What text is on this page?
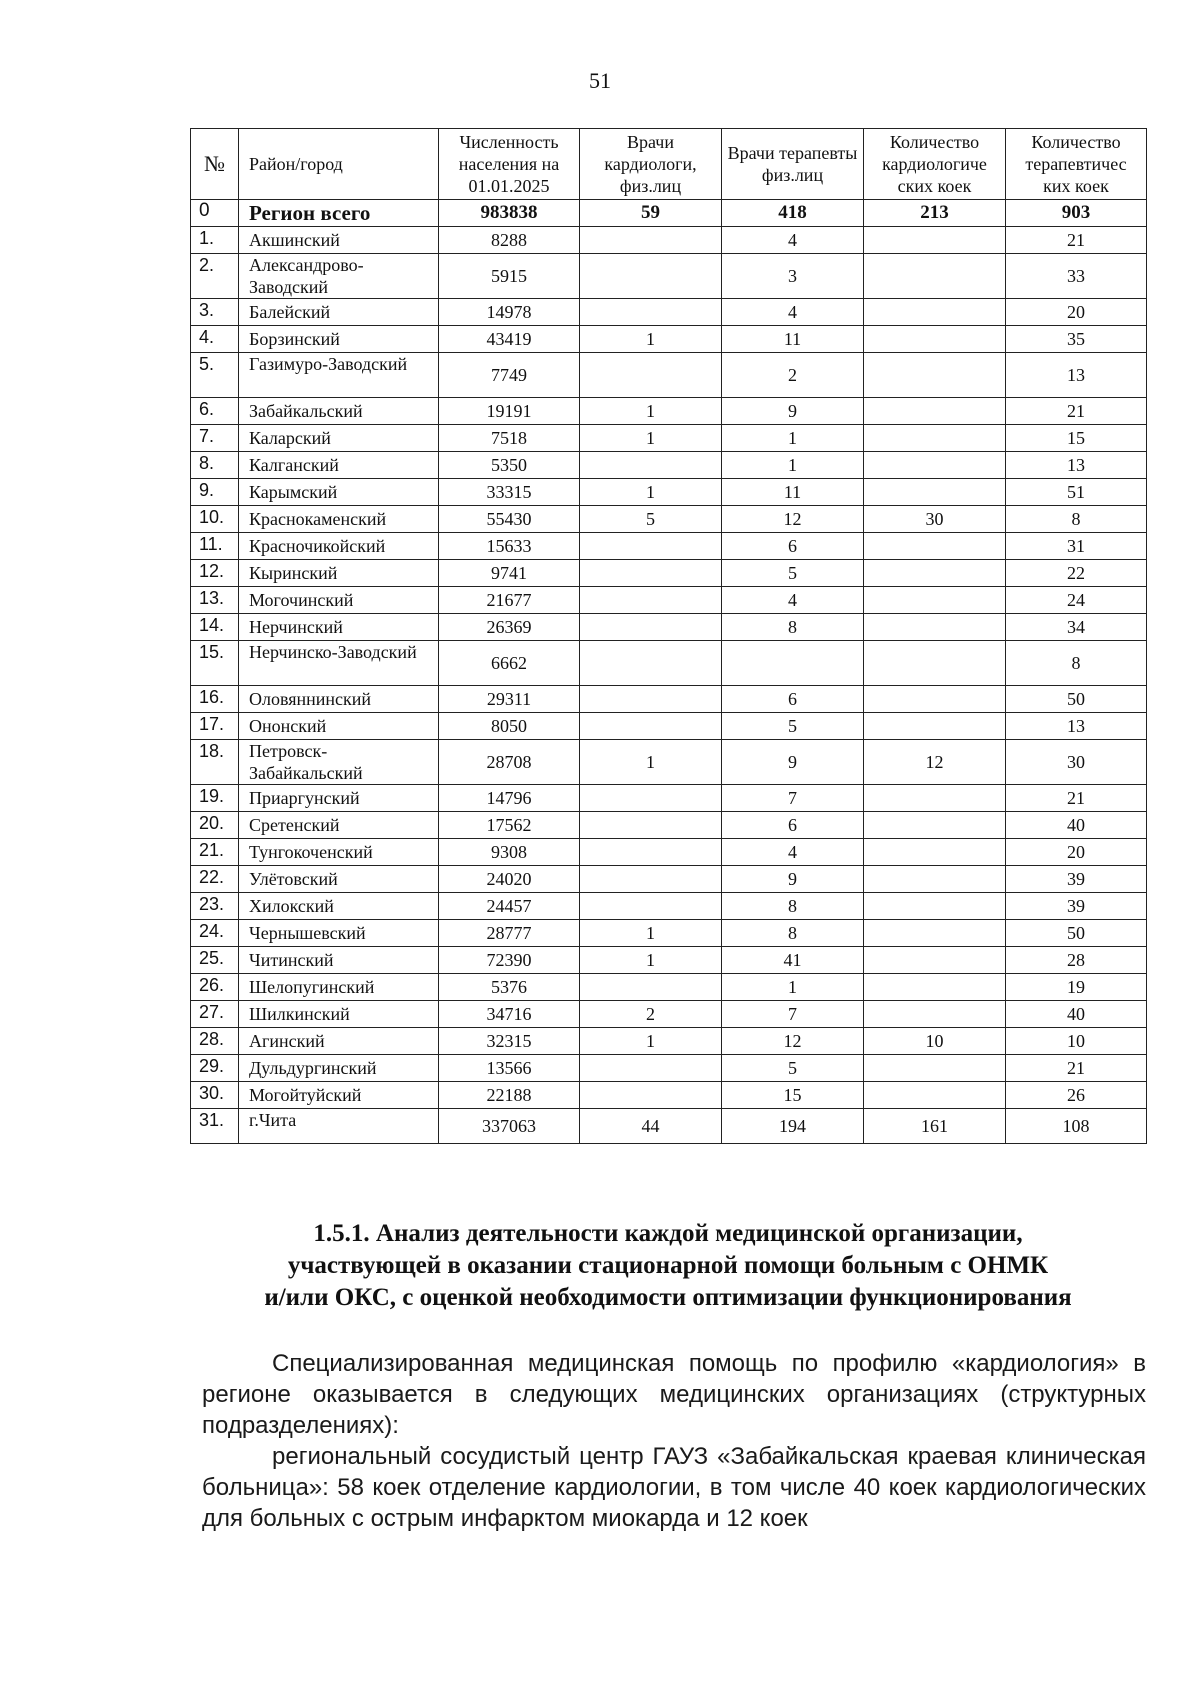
51
№	Район/город	Численность населения на 01.01.2025	Врачи кардиологи, физ.лиц	Врачи терапевты физ.лиц	Количество кардиологиче ских коек	Количество терапевтичес ких коек
0	Регион всего	983838	59	418	213	903
1.	Акшинский	8288		4		21
2.	Александрово-Заводский	5915		3		33
3.	Балейский	14978		4		20
4.	Борзинский	43419	1	11		35
5.	Газимуро-Заводский	7749		2		13
6.	Забайкальский	19191	1	9		21
7.	Каларский	7518	1	1		15
8.	Калганский	5350		1		13
9.	Карымский	33315	1	11		51
10.	Краснокаменский	55430	5	12	30	8
11.	Красночикойский	15633		6		31
12.	Кыринский	9741		5		22
13.	Могочинский	21677		4		24
14.	Нерчинский	26369		8		34
15.	Нерчинско-Заводский	6662				8
16.	Оловяннинский	29311		6		50
17.	Ононский	8050		5		13
18.	Петровск-Забайкальский	28708	1	9	12	30
19.	Приаргунский	14796		7		21
20.	Сретенский	17562		6		40
21.	Тунгокоченский	9308		4		20
22.	Улётовский	24020		9		39
23.	Хилокский	24457		8		39
24.	Чернышевский	28777	1	8		50
25.	Читинский	72390	1	41		28
26.	Шелопугинский	5376		1		19
27.	Шилкинский	34716	2	7		40
28.	Агинский	32315	1	12	10	10
29.	Дульдургинский	13566		5		21
30.	Могойтуйский	22188		15		26
31.	г.Чита	337063	44	194	161	108
1.5.1. Анализ деятельности каждой медицинской организации,
участвующей в оказании стационарной помощи больным с ОНМК
и/или ОКС, с оценкой необходимости оптимизации функционирования

Специализированная медицинская помощь по профилю «кардиология» в регионе оказывается в следующих медицинских организациях (структурных подразделениях):

региональный сосудистый центр ГАУЗ «Забайкальская краевая клиническая больница»: 58 коек отделение кардиологии, в том числе 40 коек кардиологических для больных с острым инфарктом миокарда и 12 коек
